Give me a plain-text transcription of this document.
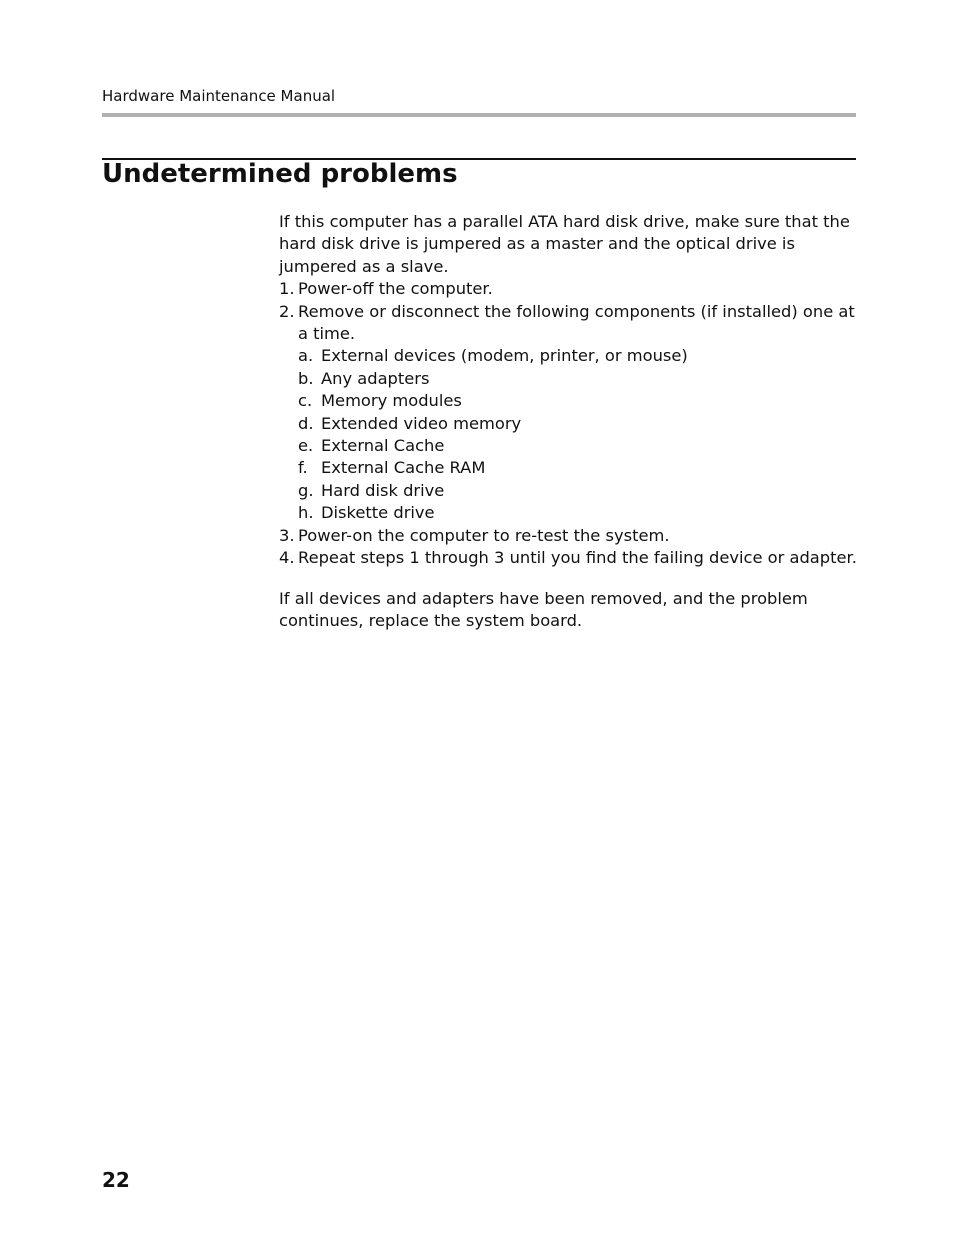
Hardware Maintenance Manual
Undetermined problems

If this computer has a parallel ATA hard disk drive, make sure that the hard disk drive is jumpered as a master and the optical drive is jumpered as a slave.

1. Power-off the computer.
2. Remove or disconnect the following components (if installed) one at a time.
a. External devices (modem, printer, or mouse)
b. Any adapters
c. Memory modules
d. Extended video memory
e. External Cache
f. External Cache RAM
g. Hard disk drive
h. Diskette drive
3. Power-on the computer to re-test the system.
4. Repeat steps 1 through 3 until you find the failing device or adapter.

If all devices and adapters have been removed, and the problem continues, replace the system board.

22
